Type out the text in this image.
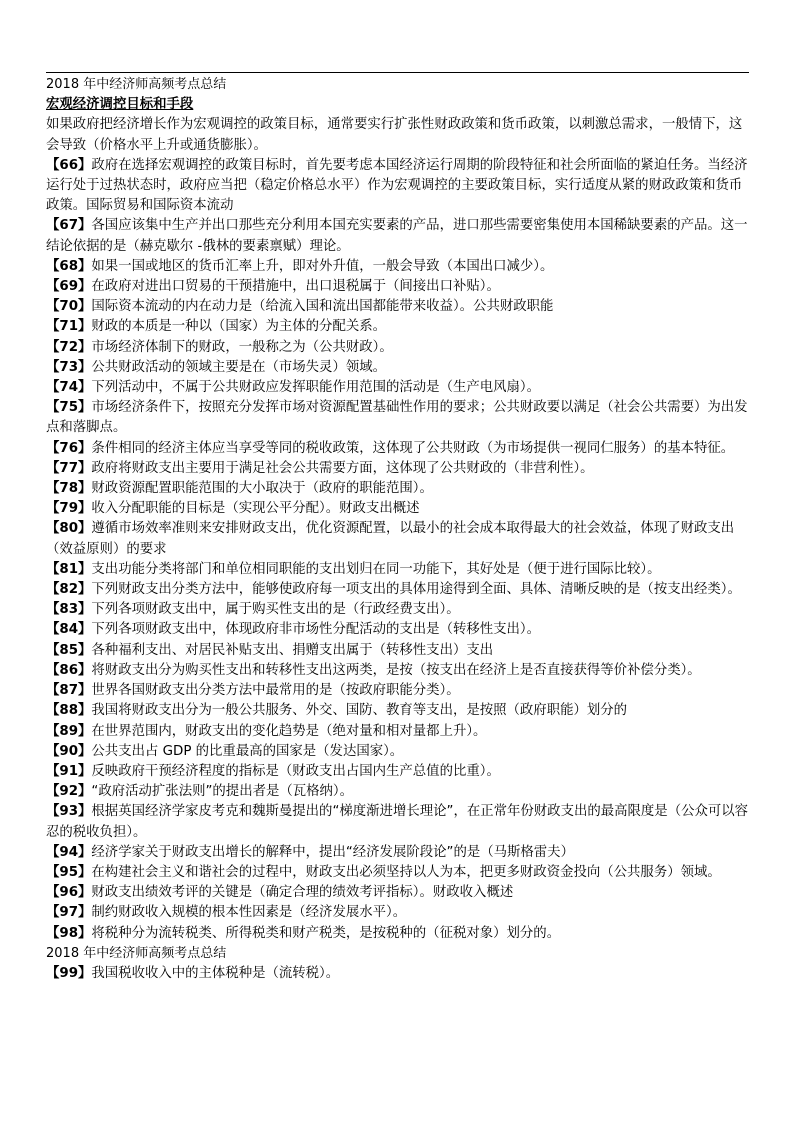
2018 年中经济师高频考点总结

宏观经济调控目标和手段

如果政府把经济增长作为宏观调控的政策目标，通常要实行扩张性财政政策和货币政策，以刺激总需求，一般情下，这会导致（价格水平上升或通货膨胀）。

【66】政府在选择宏观调控的政策目标时，首先要考虑本国经济运行周期的阶段特征和社会所面临的紧迫任务。当经济运行处于过热状态时，政府应当把（稳定价格总水平）作为宏观调控的主要政策目标，实行适度从紧的财政政策和货币政策。国际贸易和国际资本流动

【67】各国应该集中生产并出口那些充分利用本国充实要素的产品，进口那些需要密集使用本国稀缺要素的产品。这一结论依据的是（赫克歇尔 -俄林的要素禀赋）理论。

【68】如果一国或地区的货币汇率上升，即对外升值，一般会导致（本国出口减少）。

【69】在政府对进出口贸易的干预措施中，出口退税属于（间接出口补贴）。

【70】国际资本流动的内在动力是（给流入国和流出国都能带来收益）。公共财政职能

【71】财政的本质是一种以（国家）为主体的分配关系。

【72】市场经济体制下的财政，一般称之为（公共财政）。

【73】公共财政活动的领域主要是在（市场失灵）领域。

【74】下列活动中，不属于公共财政应发挥职能作用范围的活动是（生产电风扇）。

【75】市场经济条件下，按照充分发挥市场对资源配置基础性作用的要求；公共财政要以满足（社会公共需要）为出发点和落脚点。

【76】条件相同的经济主体应当享受等同的税收政策，这体现了公共财政（为市场提供一视同仁服务）的基本特征。

【77】政府将财政支出主要用于满足社会公共需要方面，这体现了公共财政的（非营利性）。

【78】财政资源配置职能范围的大小取决于（政府的职能范围）。

【79】收入分配职能的目标是（实现公平分配）。财政支出概述

【80】遵循市场效率准则来安排财政支出，优化资源配置，以最小的社会成本取得最大的社会效益，体现了财政支出（效益原则）的要求

【81】支出功能分类将部门和单位相同职能的支出划归在同一功能下，其好处是（便于进行国际比较）。

【82】下列财政支出分类方法中，能够使政府每一项支出的具体用途得到全面、具体、清晰反映的是（按支出经类）。

【83】下列各项财政支出中，属于购买性支出的是（行政经费支出）。

【84】下列各项财政支出中，体现政府非市场性分配活动的支出是（转移性支出）。

【85】各种福利支出、对居民补贴支出、捐赠支出属于（转移性支出）支出

【86】将财政支出分为购买性支出和转移性支出这两类，是按（按支出在经济上是否直接获得等价补偿分类）。

【87】世界各国财政支出分类方法中最常用的是（按政府职能分类）。

【88】我国将财政支出分为一般公共服务、外交、国防、教育等支出，是按照（政府职能）划分的

【89】在世界范围内，财政支出的变化趋势是（绝对量和相对量都上升）。

【90】公共支出占 GDP 的比重最高的国家是（发达国家）。

【91】反映政府干预经济程度的指标是（财政支出占国内生产总值的比重）。

【92】“政府活动扩张法则”的提出者是（瓦格纳）。

【93】根据英国经济学家皮考克和魏斯曼提出的“梯度渐进增长理论”，在正常年份财政支出的最高限度是（公众可以容忍的税收负担）。

【94】经济学家关于财政支出增长的解释中，提出“经济发展阶段论”的是（马斯格雷夫）

【95】在构建社会主义和谐社会的过程中，财政支出必须坚持以人为本，把更多财政资金投向（公共服务）领域。

【96】财政支出绩效考评的关键是（确定合理的绩效考评指标）。财政收入概述

【97】制约财政收入规模的根本性因素是（经济发展水平）。

【98】将税种分为流转税类、所得税类和财产税类，是按税种的（征税对象）划分的。

2018 年中经济师高频考点总结

【99】我国税收收入中的主体税种是（流转税）。
